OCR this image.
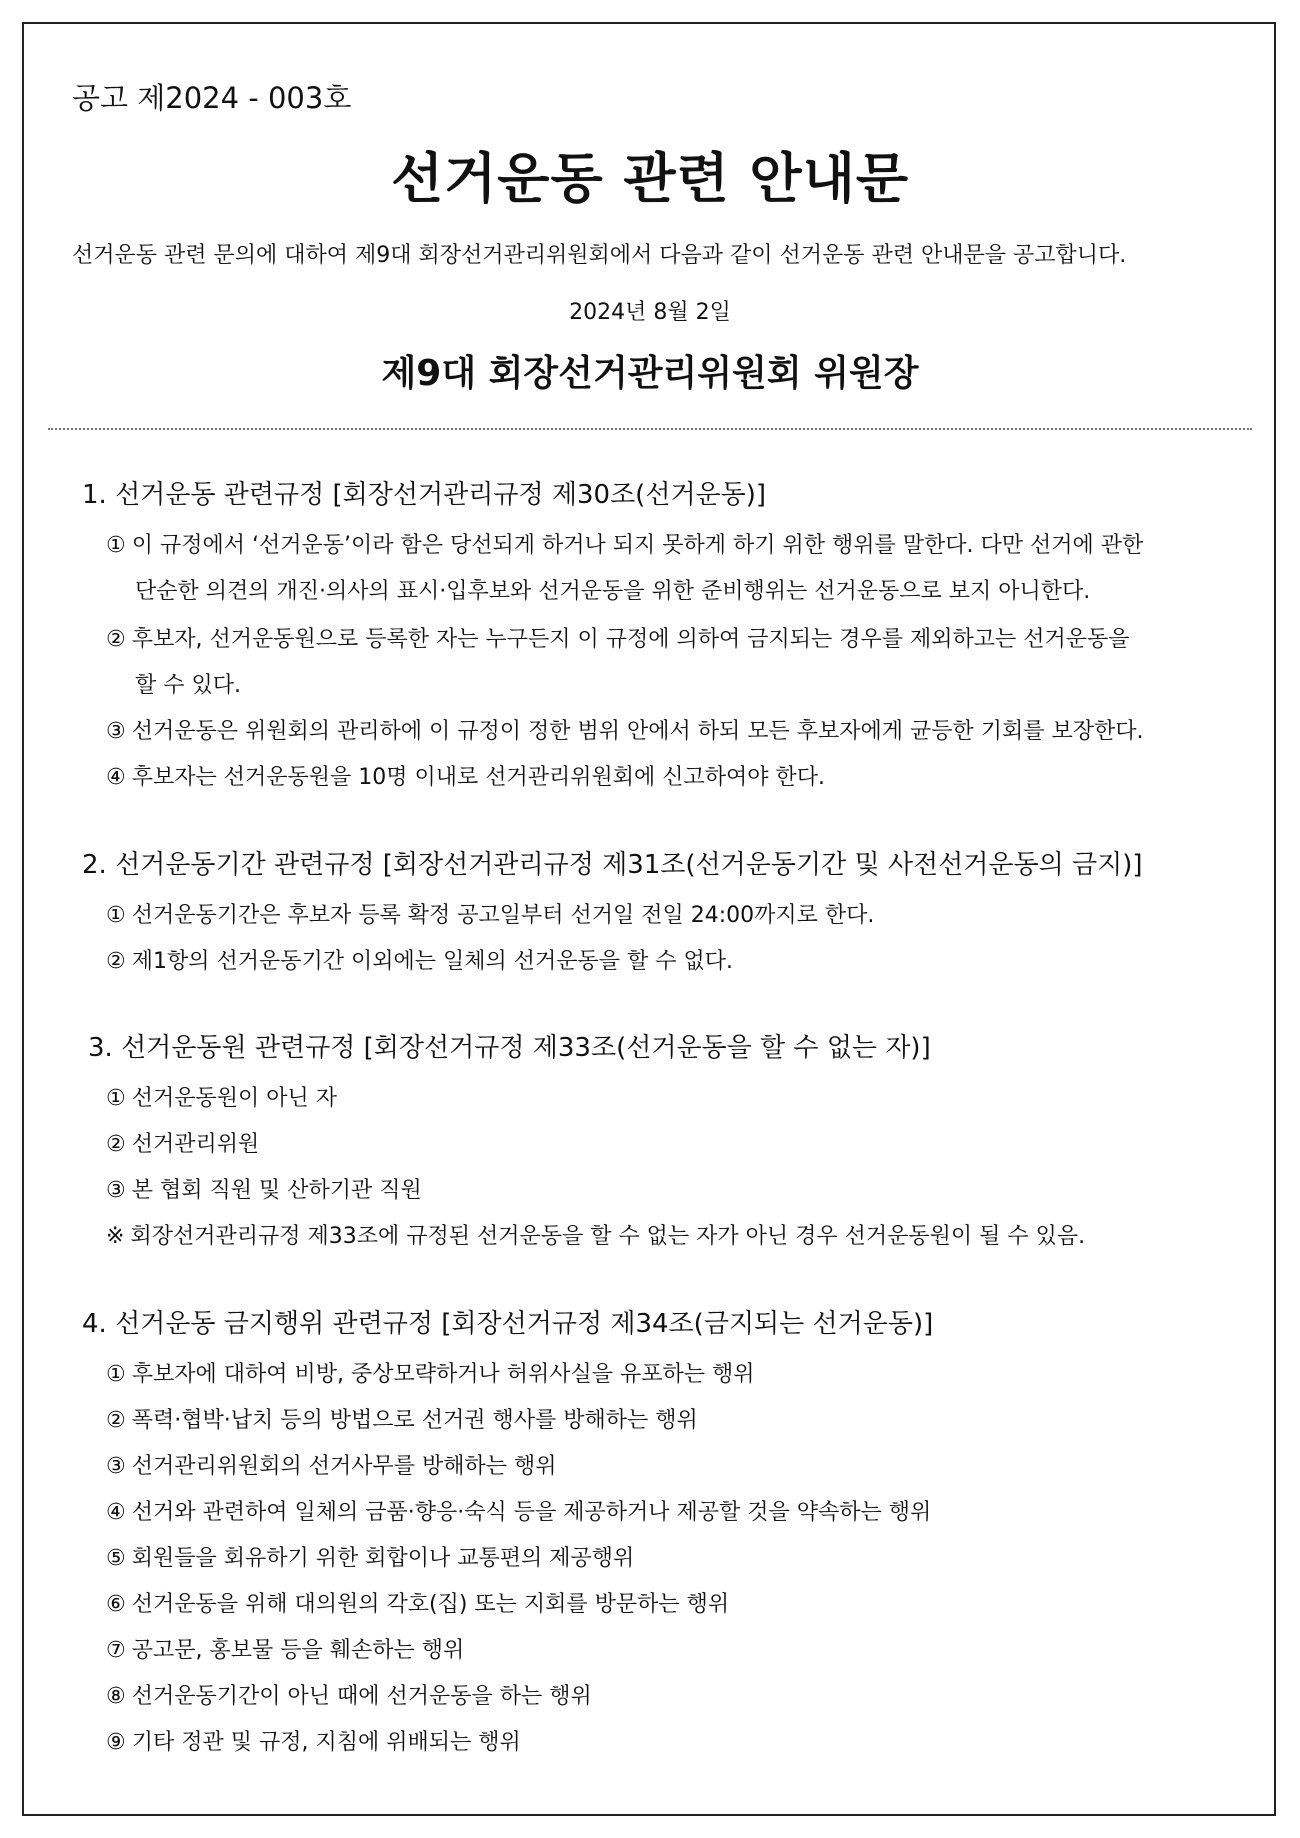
공고 제2024 - 003호
선거운동 관련 안내문
선거운동 관련 문의에 대하여 제9대 회장선거관리위원회에서 다음과 같이 선거운동 관련 안내문을 공고합니다.
2024년 8월 2일
제9대 회장선거관리위원회 위원장
1. 선거운동 관련규정 [회장선거관리규정 제30조(선거운동)]
① 이 규정에서 ‘선거운동’이라 함은 당선되게 하거나 되지 못하게 하기 위한 행위를 말한다. 다만 선거에 관한
단순한 의견의 개진·의사의 표시·입후보와 선거운동을 위한 준비행위는 선거운동으로 보지 아니한다.
② 후보자, 선거운동원으로 등록한 자는 누구든지 이 규정에 의하여 금지되는 경우를 제외하고는 선거운동을
할 수 있다.
③ 선거운동은 위원회의 관리하에 이 규정이 정한 범위 안에서 하되 모든 후보자에게 균등한 기회를 보장한다.
④ 후보자는 선거운동원을 10명 이내로 선거관리위원회에 신고하여야 한다.
2. 선거운동기간 관련규정 [회장선거관리규정 제31조(선거운동기간 및 사전선거운동의 금지)]
① 선거운동기간은 후보자 등록 확정 공고일부터 선거일 전일 24:00까지로 한다.
② 제1항의 선거운동기간 이외에는 일체의 선거운동을 할 수 없다.
3. 선거운동원 관련규정 [회장선거규정 제33조(선거운동을 할 수 없는 자)]
① 선거운동원이 아닌 자
② 선거관리위원
③ 본 협회 직원 및 산하기관 직원
※ 회장선거관리규정 제33조에 규정된 선거운동을 할 수 없는 자가 아닌 경우 선거운동원이 될 수 있음.
4. 선거운동 금지행위 관련규정 [회장선거규정 제34조(금지되는 선거운동)]
① 후보자에 대하여 비방, 중상모략하거나 허위사실을 유포하는 행위
② 폭력·협박·납치 등의 방법으로 선거권 행사를 방해하는 행위
③ 선거관리위원회의 선거사무를 방해하는 행위
④ 선거와 관련하여 일체의 금품·향응·숙식 등을 제공하거나 제공할 것을 약속하는 행위
⑤ 회원들을 회유하기 위한 회합이나 교통편의 제공행위
⑥ 선거운동을 위해 대의원의 각호(집) 또는 지회를 방문하는 행위
⑦ 공고문, 홍보물 등을 훼손하는 행위
⑧ 선거운동기간이 아닌 때에 선거운동을 하는 행위
⑨ 기타 정관 및 규정, 지침에 위배되는 행위
